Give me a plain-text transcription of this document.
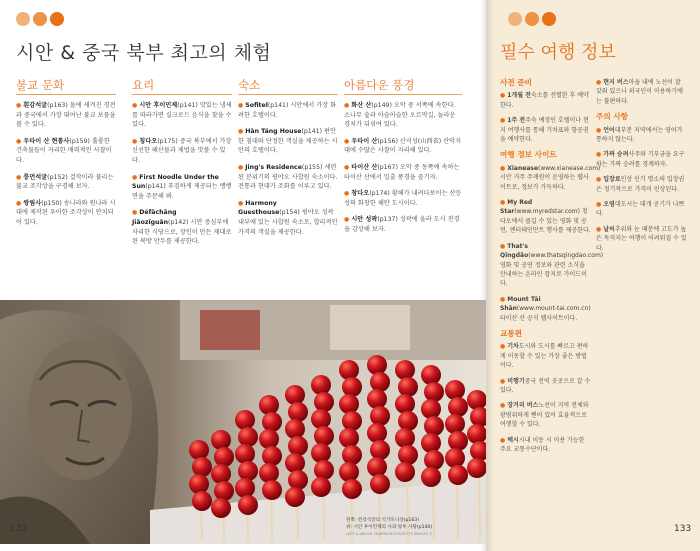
시안 & 중국 북부 최고의 체험
불교 문화
● 흰감석굴(p163) 돌에 새겨진 경전과 중국에서 가장 뛰어난 불교 보물을 볼 수 있다.
● 우타이 산 현통사(p159) 훌륭한 건축물들이 자리한 매력적인 사찰이다.
● 룽먼석굴(p152) 걸작이라 불리는 불교 조각상을 구경해 보자.
● 쌍림사(p150) 송나라와 원나라 시대에 제작된 우아한 조각상이 안치되어 있다.
요리
● 시안 후이민제(p141) 맛있는 냄새를 따라가면 실크로드 음식을 찾을 수 있다.
● 칭다오(p175) 중국 북부에서 가장 신선한 해산물과 제법을 맛볼 수 있다.
● First Noodle Under the Sun(p141) 푸짐하게 제공되는 뱅뱅면을 주문해 봐.
● Défāchāng Jiǎozǐguǎn(p142) 시안 중심부에 자리한 식당으로, 장인이 만든 제대로 된 북방 만두를 제공한다.
숙소
● Sofitel(p141) 시안에서 가장 화려한 호텔이다.
● Hàn Táng House(p141) 편안한 침대와 단정한 객실을 제공하는 시안의 호텔이다.
● Jing's Residence(p155) 세련된 분위기의 핑야오 사합원 숙소이다. 전통과 현대가 조화를 이루고 있다.
● Harmony Guesthouse(p154) 핑야오 성곽 내부에 있는 사합원 숙소로, 합리적인 가격의 객실을 제공한다.
아름다운 풍경
● 화산 산(p149) 오악 중 서쪽에 속한다. 소나무 숲과 아슬아슬한 오르막길, 놀라운 경치가 뒤섞여 있다.
● 우타이 산(p156) 산서성(山西省) 산악지대에 수많은 사찰이 자리해 있다.
● 타이산 산(p167) 오악 중 동쪽에 속하는 타이산 산에서 일출 풍경을 즐기자.
● 창다오(p174) 황해가 내려다보이는 산등성의 화창한 해안 도시이다.
● 시안 성곽(p137) 성곽에 올라 도시 전경을 감상해 보자.
왼쪽: 윈강석굴의 석가모니상(p163)
위: 시안 후이민제의 사과 탕후 사탕(p140)
LEFT & ABOVE: MARTIN MOOS/GETTY IMAGES ©
132
필수 여행 정보
사전 준비
● 1개월 전숙소를 선별한 후 예약한다.
● 1주 전주숙 예정인 호텔이나 현지 여행사를 통해 기차표와 항공권을 예약한다.
여행 정보 사이트
● Xianease(www.xianease.com) 시안 거주 주재원이 운영하는 웹사이트로, 정보가 가득하다.
● My Red Star(www.myredstar.com) 칭다오에서 즐길 수 있는 영화 및 공연, 엔터테인먼트 행사를 제공한다.
● That's Qīngdǎo(www.thatsqingdao.com) 영화 및 공연 정보와 관련 소식을 안내하는 온라인 잡지로 가이드이다.
● Mount Tài Shān(www.mount-tai.com.cn) 타이산 산 공식 웹사이트이다.
교통편
● 기차도시와 도시를 빠르고 편하게 이동할 수 있는 가장 좋은 방법이다.
● 비행기중국 전역 곳곳으로 갈 수 있다.
● 장거리 버스노선이 지역 전체와 광범위하게 뻗어 있어 효율적으로 여행할 수 있다.
● 택시시내 이동 시 이용 가능한 주요 교통수단이다.
● 현지 버스마을 내에 노선이 잘 갖춰 있으나 외국인이 이용하기에는 불편하다.
주의 사항
● 언어대부분 지역에서는 영어가 통하지 않는다.
● 가짜 승려사주와 기부금을 요구하는 가짜 승려를 경계하자.
● 입장료인상 인기 명소의 입장권은 정기적으로 가격이 인상된다.
● 오염대도시는 대개 공기가 나쁘다.
● 날씨추위와 눈 때문에 고도가 높은 독직지는 여행이 어려워질 수 있다.
133
